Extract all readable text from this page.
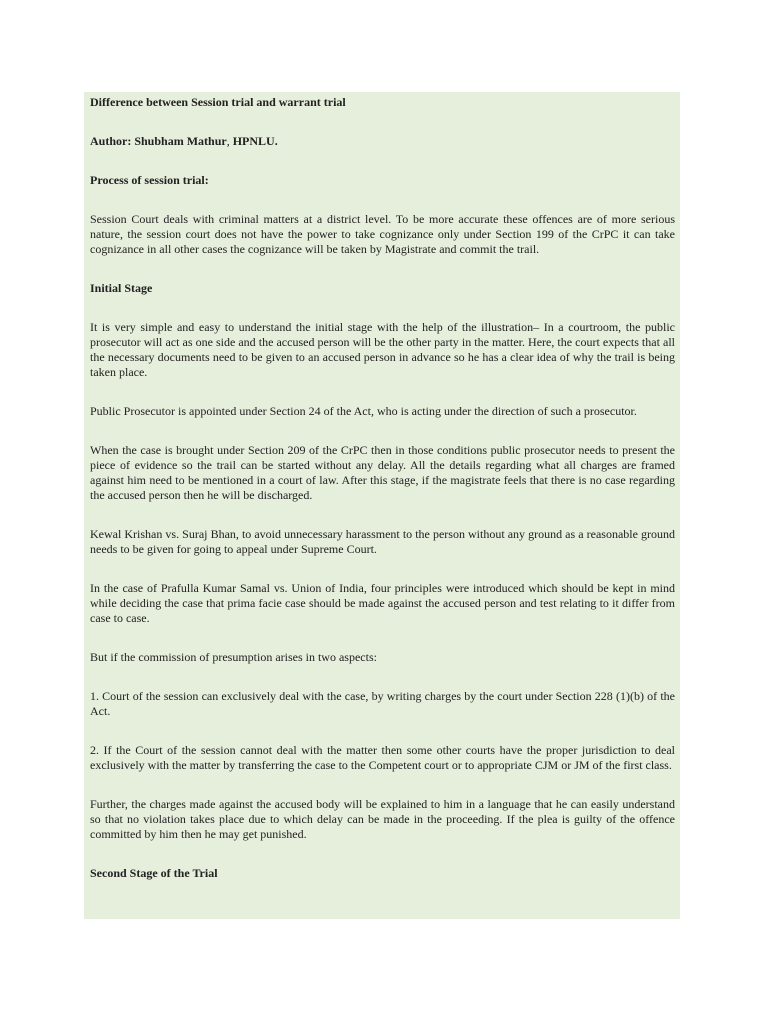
Difference between Session trial and warrant trial

Author: Shubham Mathur, HPNLU.

Process of session trial:

Session Court deals with criminal matters at a district level. To be more accurate these offences are of more serious nature, the session court does not have the power to take cognizance only under Section 199 of the CrPC it can take cognizance in all other cases the cognizance will be taken by Magistrate and commit the trail.

Initial Stage

It is very simple and easy to understand the initial stage with the help of the illustration– In a courtroom, the public prosecutor will act as one side and the accused person will be the other party in the matter. Here, the court expects that all the necessary documents need to be given to an accused person in advance so he has a clear idea of why the trail is being taken place.

Public Prosecutor is appointed under Section 24 of the Act, who is acting under the direction of such a prosecutor.

When the case is brought under Section 209 of the CrPC then in those conditions public prosecutor needs to present the piece of evidence so the trail can be started without any delay. All the details regarding what all charges are framed against him need to be mentioned in a court of law. After this stage, if the magistrate feels that there is no case regarding the accused person then he will be discharged.

Kewal Krishan vs. Suraj Bhan, to avoid unnecessary harassment to the person without any ground as a reasonable ground needs to be given for going to appeal under Supreme Court.

In the case of Prafulla Kumar Samal vs. Union of India, four principles were introduced which should be kept in mind while deciding the case that prima facie case should be made against the accused person and test relating to it differ from case to case.

But if the commission of presumption arises in two aspects:

1. Court of the session can exclusively deal with the case, by writing charges by the court under Section 228 (1)(b) of the Act.

2. If the Court of the session cannot deal with the matter then some other courts have the proper jurisdiction to deal exclusively with the matter by transferring the case to the Competent court or to appropriate CJM or JM of the first class.

Further, the charges made against the accused body will be explained to him in a language that he can easily understand so that no violation takes place due to which delay can be made in the proceeding. If the plea is guilty of the offence committed by him then he may get punished.

Second Stage of the Trial
